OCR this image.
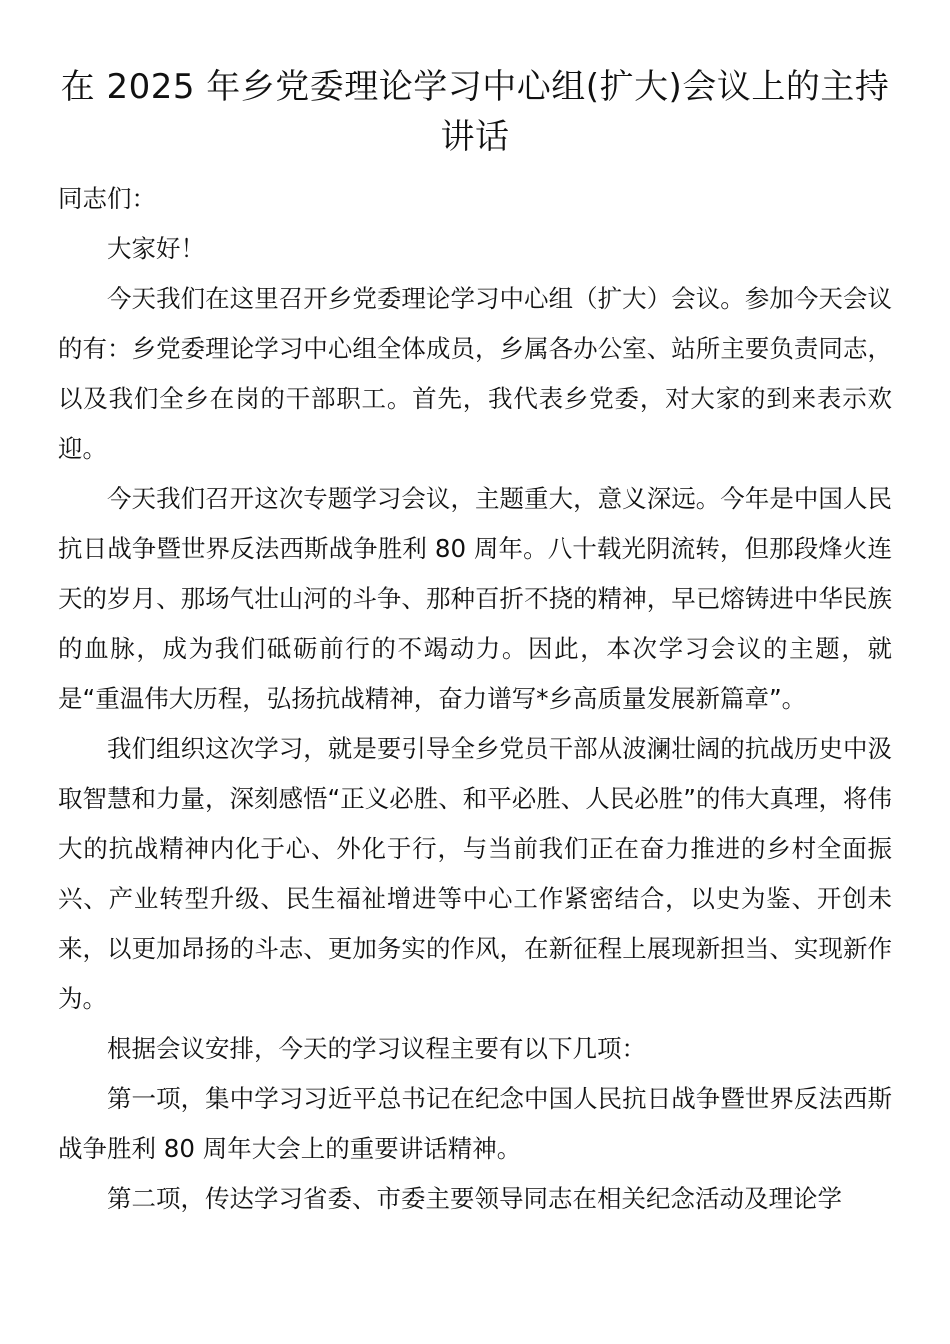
在 2025 年乡党委理论学习中心组(扩大)会议上的主持讲话

同志们：

大家好！

今天我们在这里召开乡党委理论学习中心组（扩大）会议。参加今天会议的有：乡党委理论学习中心组全体成员，乡属各办公室、站所主要负责同志，以及我们全乡在岗的干部职工。首先，我代表乡党委，对大家的到来表示欢迎。

今天我们召开这次专题学习会议，主题重大，意义深远。今年是中国人民抗日战争暨世界反法西斯战争胜利 80 周年。八十载光阴流转，但那段烽火连天的岁月、那场气壮山河的斗争、那种百折不挠的精神，早已熔铸进中华民族的血脉，成为我们砥砺前行的不竭动力。因此，本次学习会议的主题，就是“重温伟大历程，弘扬抗战精神，奋力谱写*乡高质量发展新篇章”。

我们组织这次学习，就是要引导全乡党员干部从波澜壮阔的抗战历史中汲取智慧和力量，深刻感悟“正义必胜、和平必胜、人民必胜”的伟大真理，将伟大的抗战精神内化于心、外化于行，与当前我们正在奋力推进的乡村全面振兴、产业转型升级、民生福祉增进等中心工作紧密结合，以史为鉴、开创未来，以更加昂扬的斗志、更加务实的作风，在新征程上展现新担当、实现新作为。

根据会议安排，今天的学习议程主要有以下几项：

第一项，集中学习习近平总书记在纪念中国人民抗日战争暨世界反法西斯战争胜利 80 周年大会上的重要讲话精神。

第二项，传达学习省委、市委主要领导同志在相关纪念活动及理论学
